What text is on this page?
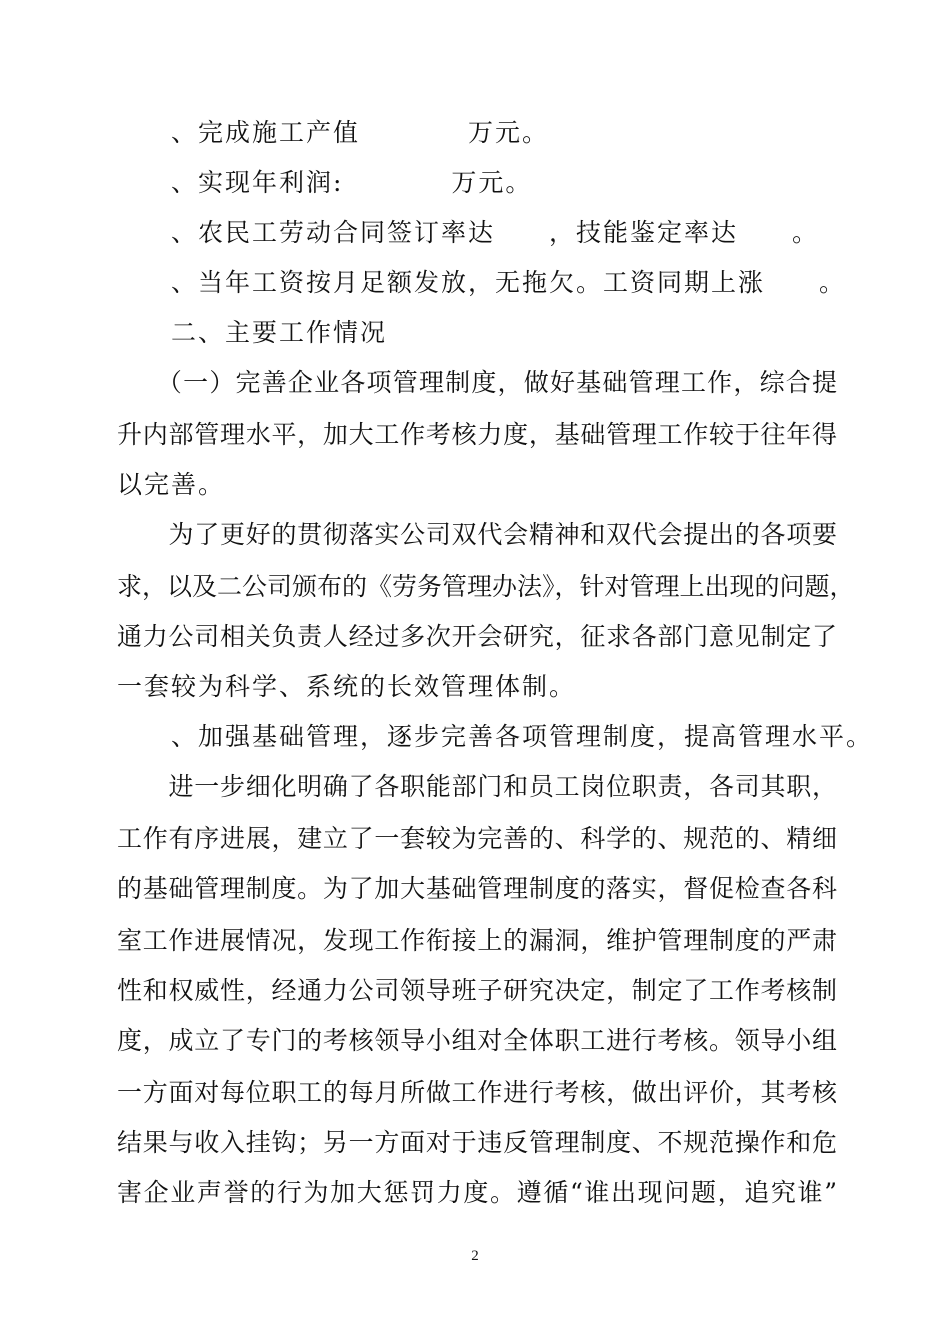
　　、完成施工产值　　　　万元。
　　、实现年利润:　　　　万元。
　　、农民工劳动合同签订率达　　，技能鉴定率达　　。
　　、当年工资按月足额发放，无拖欠。工资同期上涨　　。
　　二、主要工作情况
　　（一）完善企业各项管理制度，做好基础管理工作，综合提
升内部管理水平，加大工作考核力度，基础管理工作较于往年得
以完善。
　　为了更好的贯彻落实公司双代会精神和双代会提出的各项要
求，以及二公司颁布的《劳务管理办法》，针对管理上出现的问题，
通力公司相关负责人经过多次开会研究，征求各部门意见制定了
一套较为科学、系统的长效管理体制。
　　、加强基础管理，逐步完善各项管理制度，提高管理水平。
　　进一步细化明确了各职能部门和员工岗位职责，各司其职，
工作有序进展，建立了一套较为完善的、科学的、规范的、精细
的基础管理制度。为了加大基础管理制度的落实，督促检查各科
室工作进展情况，发现工作衔接上的漏洞，维护管理制度的严肃
性和权威性，经通力公司领导班子研究决定，制定了工作考核制
度，成立了专门的考核领导小组对全体职工进行考核。领导小组
一方面对每位职工的每月所做工作进行考核，做出评价，其考核
结果与收入挂钩；另一方面对于违反管理制度、不规范操作和危
害企业声誉的行为加大惩罚力度。遵循“谁出现问题，追究谁”
2
